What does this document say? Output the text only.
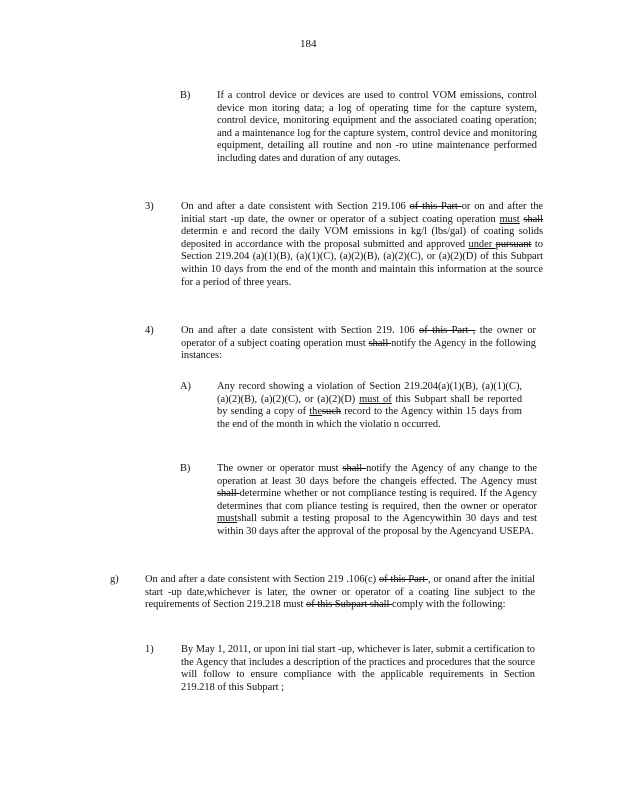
184
B)	If a control device or devices are used to control VOM emissions, control device mon itoring data; a log of operating time for the capture system, control device, monitoring equipment and the associated coating operation; and a maintenance log for the capture system, control device and monitoring equipment, detailing all routine and non -ro utine maintenance performed including dates and duration of any outages.
3)	On and after a date consistent with Section 219.106 of this Part or on and after the initial start -up date, the owner or operator of a subject coating operation must shall determin e and record the daily VOM emissions in kg/l (lbs/gal) of coating solids deposited in accordance with the proposal submitted and approved under pursuant to Section 219.204 (a)(1)(B), (a)(1)(C), (a)(2)(B), (a)(2)(C), or (a)(2)(D) of this Subpart within 10 days from the end of the month and maintain this information at the source for a period of three years.
4)	On and after a date consistent with Section 219. 106 of this Part , the owner or operator of a subject coating operation must shall notify the Agency in the following instances:
A)	Any record showing a violation of Section 219.204(a)(1)(B), (a)(1)(C), (a)(2)(B), (a)(2)(C), or (a)(2)(D) must of this Subpart shall be reported by sending a copy of thesuch record to the Agency within 15 days from the end of the month in which the violatio n occurred.
B)	The owner or operator must shall notify the Agency of any change to the operation at least 30 days before the changeis effected. The Agency must shall determine whether or not compliance testing is required. If the Agency determines that com pliance testing is required, then the owner or operator mustshall submit a testing proposal to the Agencywithin 30 days and test within 30 days after the approval of the proposal by the Agencyand USEPA.
g)	On and after a date consistent with Section 219 .106(c) of this Part , or onand after the initial start -up date,whichever is later, the owner or operator of a coating line subject to the requirements of Section 219.218 must of this Subpart shall comply with the following:
1)	By May 1, 2011, or upon ini tial start -up, whichever is later, submit a certification to the Agency that includes a description of the practices and procedures that the source will follow to ensure compliance with the applicable requirements in Section 219.218 of this Subpart ;
